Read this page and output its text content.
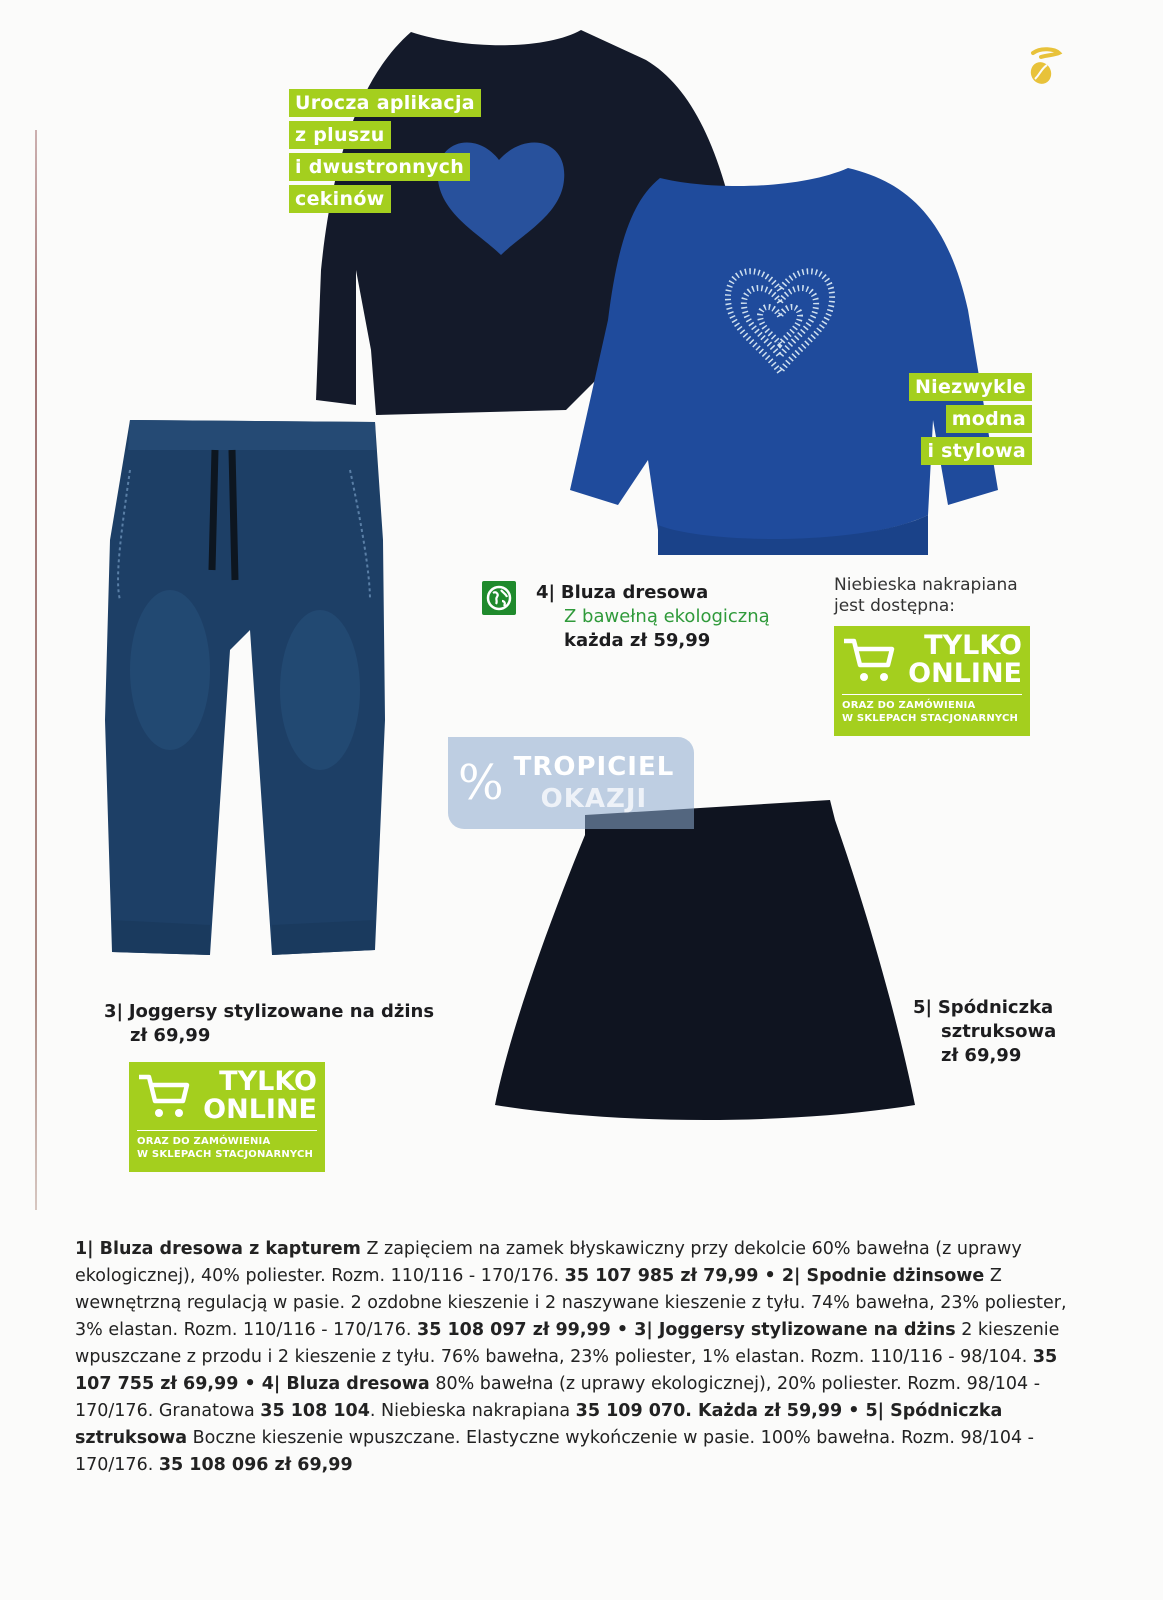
% TROPICIEL
OKAZJI
Urocza aplikacja
z pluszu
i dwustronnych
cekinów
Niezwykle
modna
i stylowa
4| Bluza dresowa
Z bawełną ekologiczną
każda zł 59,99
Niebieska nakrapiana
jest dostępna:
TYLKO
ONLINE
ORAZ DO ZAMÓWIENIA
W SKLEPACH STACJONARNYCH
3| Joggersy stylizowane na dżins
zł 69,99
TYLKO
ONLINE
ORAZ DO ZAMÓWIENIA
W SKLEPACH STACJONARNYCH
5| Spódniczka
sztruksowa
zł 69,99
1| Bluza dresowa z kapturem Z zapięciem na zamek błyskawiczny przy dekolcie 60% bawełna (z uprawy ekologicznej), 40% poliester. Rozm. 110/116 - 170/176. 35 107 985 zł 79,99 • 2| Spodnie dżinsowe Z wewnętrzną regulacją w pasie. 2 ozdobne kieszenie i 2 naszywane kieszenie z tyłu. 74% bawełna, 23% poliester, 3% elastan. Rozm. 110/116 - 170/176. 35 108 097 zł 99,99 • 3| Joggersy stylizowane na dżins 2 kieszenie wpuszczane z przodu i 2 kieszenie z tyłu. 76% bawełna, 23% poliester, 1% elastan. Rozm. 110/116 - 98/104. 35 107 755 zł 69,99 • 4| Bluza dresowa 80% bawełna (z uprawy ekologicznej), 20% poliester. Rozm. 98/104 - 170/176. Granatowa 35 108 104. Niebieska nakrapiana 35 109 070. Każda zł 59,99 • 5| Spódniczka sztruksowa Boczne kieszenie wpuszczane. Elastyczne wykończenie w pasie. 100% bawełna. Rozm. 98/104 - 170/176. 35 108 096 zł 69,99
